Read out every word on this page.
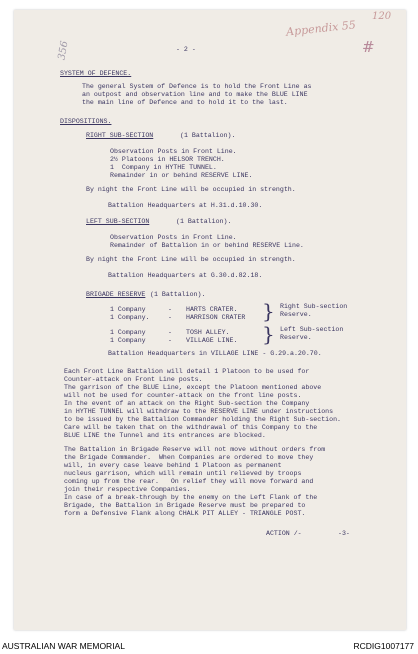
356
Appendix 55
120
#
- 2 -
SYSTEM OF DEFENCE.
The general System of Defence is to hold the Front Line as
an outpost and observation line and to make the BLUE LINE
the main line of Defence and to hold it to the last.
DISPOSITIONS.
RIGHT SUB-SECTION	(1 Battalion).
Observation Posts in Front Line.
2½ Platoons in HELSOR TRENCH.
1  Company in HYTHE TUNNEL.
Remainder in or behind RESERVE LINE.
By night the Front Line will be occupied in strength.
Battalion Headquarters at H.31.d.10.30.
LEFT SUB-SECTION	(1 Battalion).
Observation Posts in Front Line.
Remainder of Battalion in or behind RESERVE Line.
By night the Front Line will be occupied in strength.
Battalion Headquarters at G.30.d.82.18.
BRIGADE RESERVE (1 Battalion).
1 Company	- HARTS CRATER.
1 Company.	- HARRISON CRATER } Right Sub-section
Reserve.
1 Company	- TOSH ALLEY.
1 Company	- VILLAGE LINE. } Left Sub-section
Reserve.
Battalion Headquarters in VILLAGE LINE - G.29.a.20.70.
Each Front Line Battalion will detail 1 Platoon to be used for
Counter-attack on Front Line posts.
The garrison of the BLUE Line, except the Platoon mentioned above
will not be used for counter-attack on the front line posts.
In the event of an attack on the Right Sub-section the Company
in HYTHE TUNNEL will withdraw to the RESERVE LINE under instructions
to be issued by the Battalion Commander holding the Right Sub-section.
Care will be taken that on the withdrawal of this Company to the
BLUE LINE the Tunnel and its entrances are blocked.
The Battalion in Brigade Reserve will not move without orders from
the Brigade Commander.  When Companies are ordered to move they
will, in every case leave behind 1 Platoon as permanent
nucleus garrison, which will remain until relieved by troops
coming up from the rear.   On relief they will move forward and
join their respective Companies.
In case of a break-through by the enemy on the Left Flank of the
Brigade, the Battalion in Brigade Reserve must be prepared to
form a Defensive Flank along CHALK PIT ALLEY - TRIANGLE POST.
ACTION /-	-3-
AUSTRALIAN WAR MEMORIAL	RCDIG1007177
